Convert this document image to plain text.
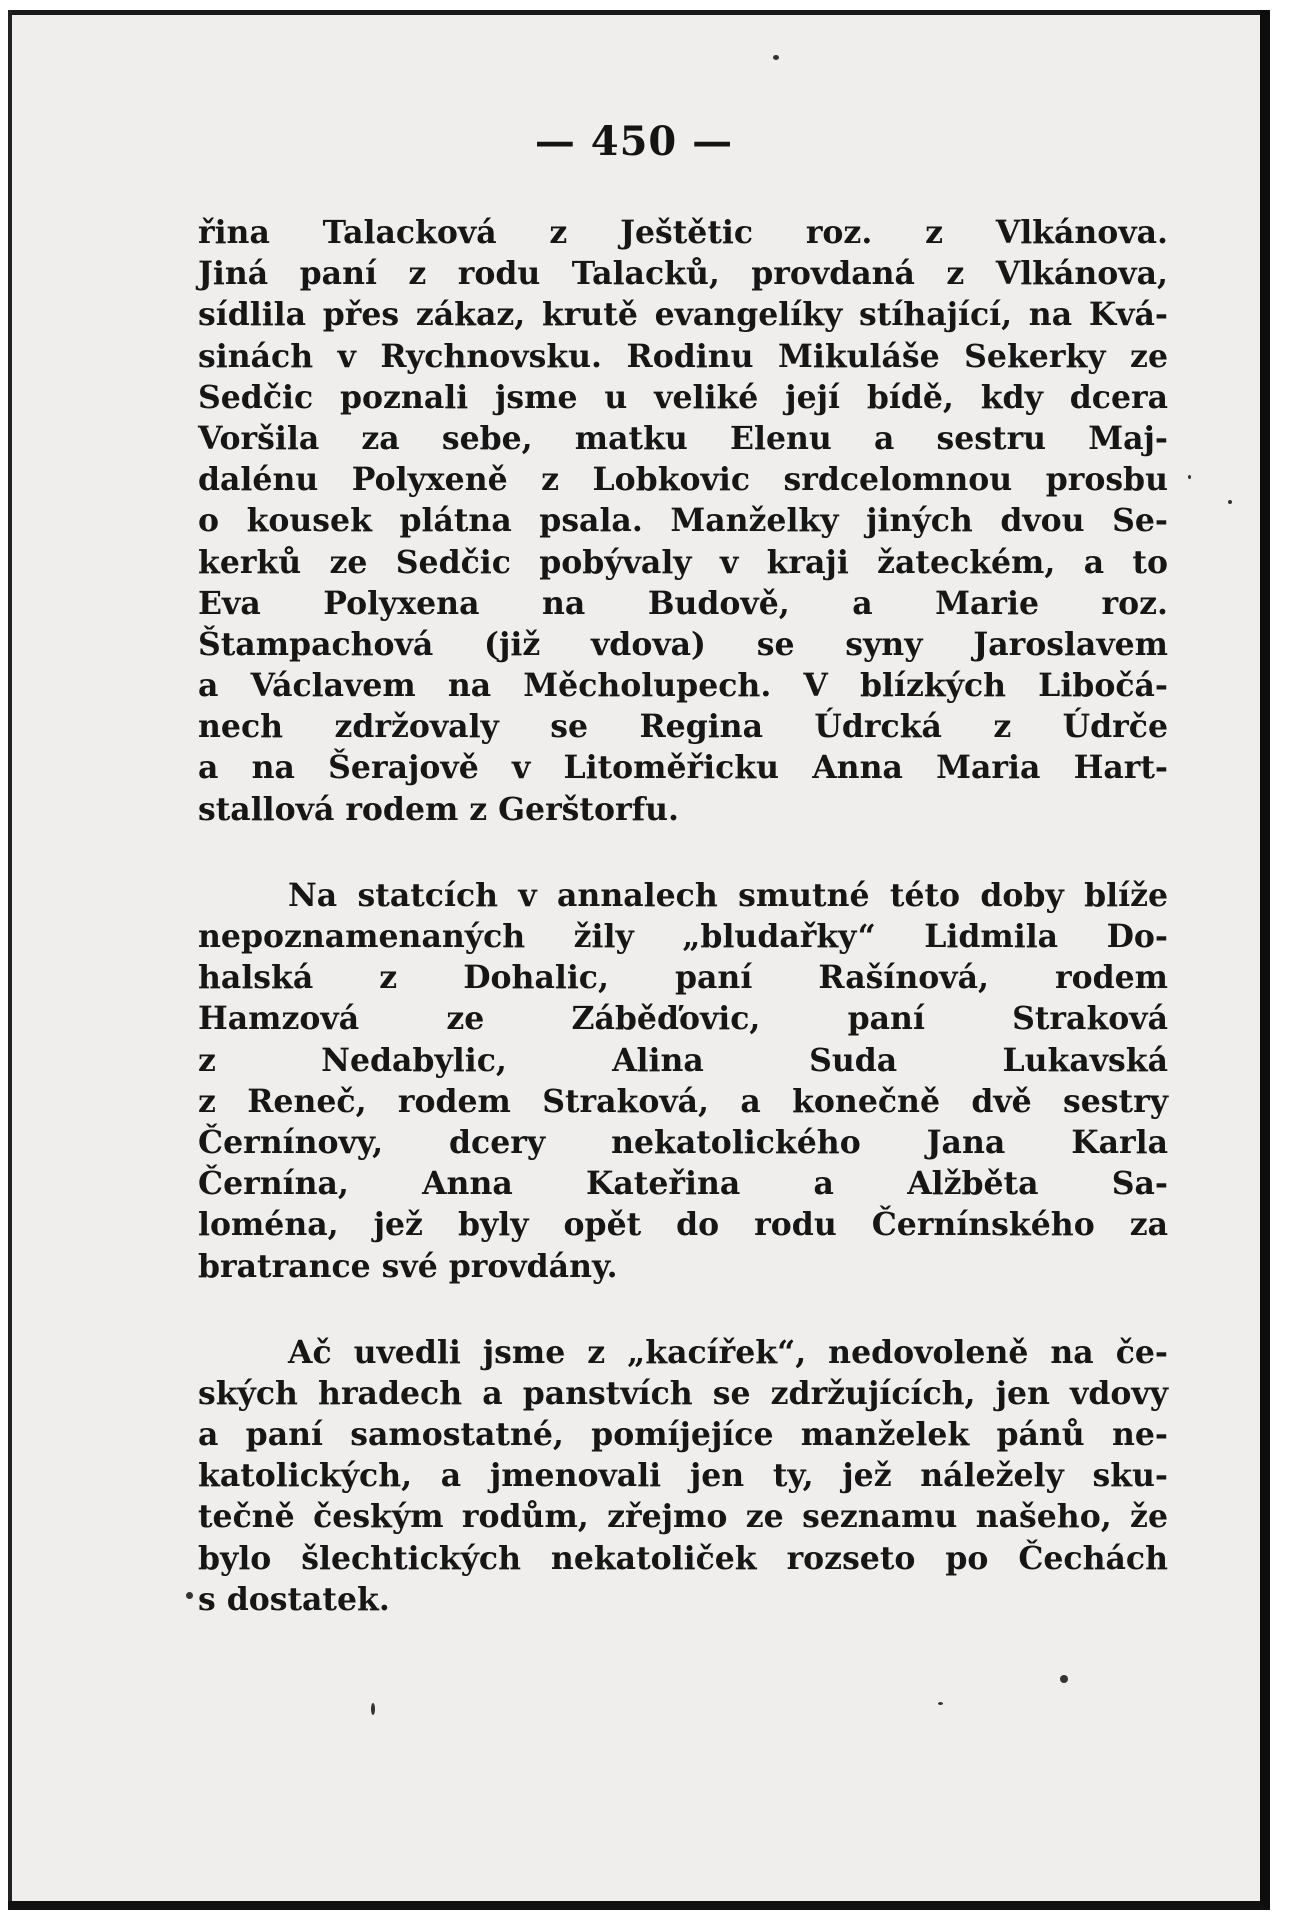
— 450 —
řina Talacková z Ještětic roz. z Vlkánova.
Jiná paní z rodu Talacků, provdaná z Vlkánova,
sídlila přes zákaz, krutě evangelíky stíhající, na Kvá-
sinách v Rychnovsku. Rodinu Mikuláše Sekerky ze
Sedčic poznali jsme u veliké její bídě, kdy dcera
Voršila za sebe, matku Elenu a sestru Maj-
dalénu Polyxeně z Lobkovic srdcelomnou prosbu
o kousek plátna psala. Manželky jiných dvou Se-
kerků ze Sedčic pobývaly v kraji žateckém, a to
Eva Polyxena na Budově, a Marie roz.
Štampachová (již vdova) se syny Jaroslavem
a Václavem na Měcholupech. V blízkých Libočá-
nech zdržovaly se Regina Údrcká z Údrče
a na Šerajově v Litoměřicku Anna Maria Hart-
stallová rodem z Gerštorfu.
Na statcích v annalech smutné této doby blíže
nepoznamenaných žily „bludařky“ Lidmila Do-
halská z Dohalic, paní Rašínová, rodem
Hamzová ze Záběďovic, paní Straková
z Nedabylic, Alina Suda Lukavská
z Reneč, rodem Straková, a konečně dvě sestry
Černínovy, dcery nekatolického Jana Karla
Černína, Anna Kateřina a Alžběta Sa-
loména, jež byly opět do rodu Černínského za
bratrance své provdány.
Ač uvedli jsme z „kacířek“, nedovoleně na če-
ských hradech a panstvích se zdržujících, jen vdovy
a paní samostatné, pomíjejíce manželek pánů ne-
katolických, a jmenovali jen ty, jež náležely sku-
tečně českým rodům, zřejmo ze seznamu našeho, že
bylo šlechtických nekatoliček rozseto po Čechách
s dostatek.
